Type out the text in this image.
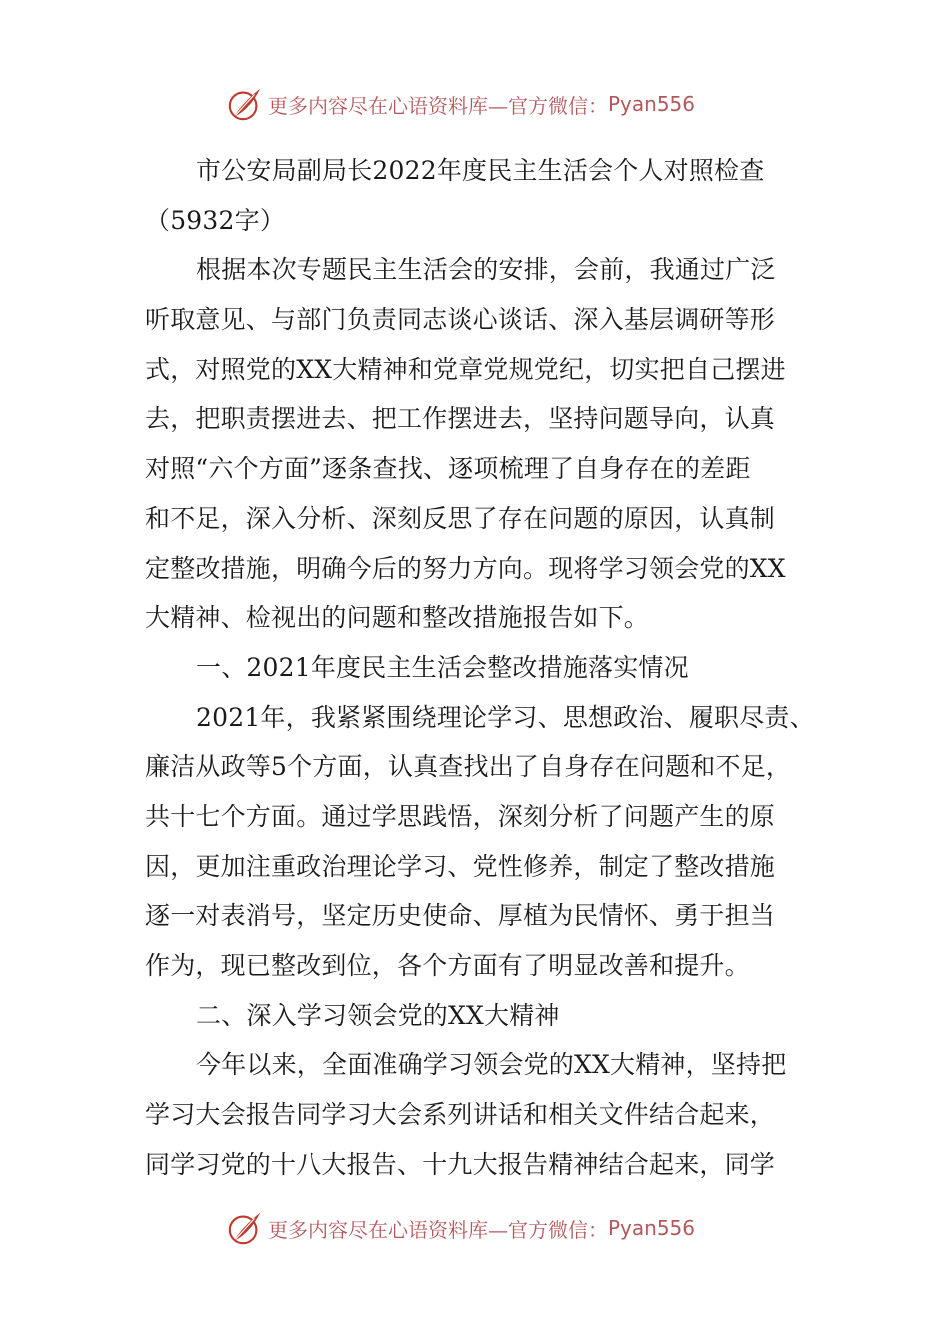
更多内容尽在心语资料库—官方微信： Pyan556
市公安局副局长2022年度民主生活会个人对照检查
（5932字）
根据本次专题民主生活会的安排，会前，我通过广泛
听取意见、与部门负责同志谈心谈话、深入基层调研等形
式，对照党的XX大精神和党章党规党纪，切实把自己摆进
去，把职责摆进去、把工作摆进去，坚持问题导向，认真
对照“六个方面”逐条查找、逐项梳理了自身存在的差距
和不足，深入分析、深刻反思了存在问题的原因，认真制
定整改措施，明确今后的努力方向。现将学习领会党的XX
大精神、检视出的问题和整改措施报告如下。
一、2021年度民主生活会整改措施落实情况
2021年，我紧紧围绕理论学习、思想政治、履职尽责、
廉洁从政等5个方面，认真查找出了自身存在问题和不足，
共十七个方面。通过学思践悟，深刻分析了问题产生的原
因，更加注重政治理论学习、党性修养，制定了整改措施
逐一对表消号，坚定历史使命、厚植为民情怀、勇于担当
作为，现已整改到位，各个方面有了明显改善和提升。
二、深入学习领会党的XX大精神
今年以来，全面准确学习领会党的XX大精神，坚持把
学习大会报告同学习大会系列讲话和相关文件结合起来，
同学习党的十八大报告、十九大报告精神结合起来，同学
更多内容尽在心语资料库—官方微信： Pyan556
